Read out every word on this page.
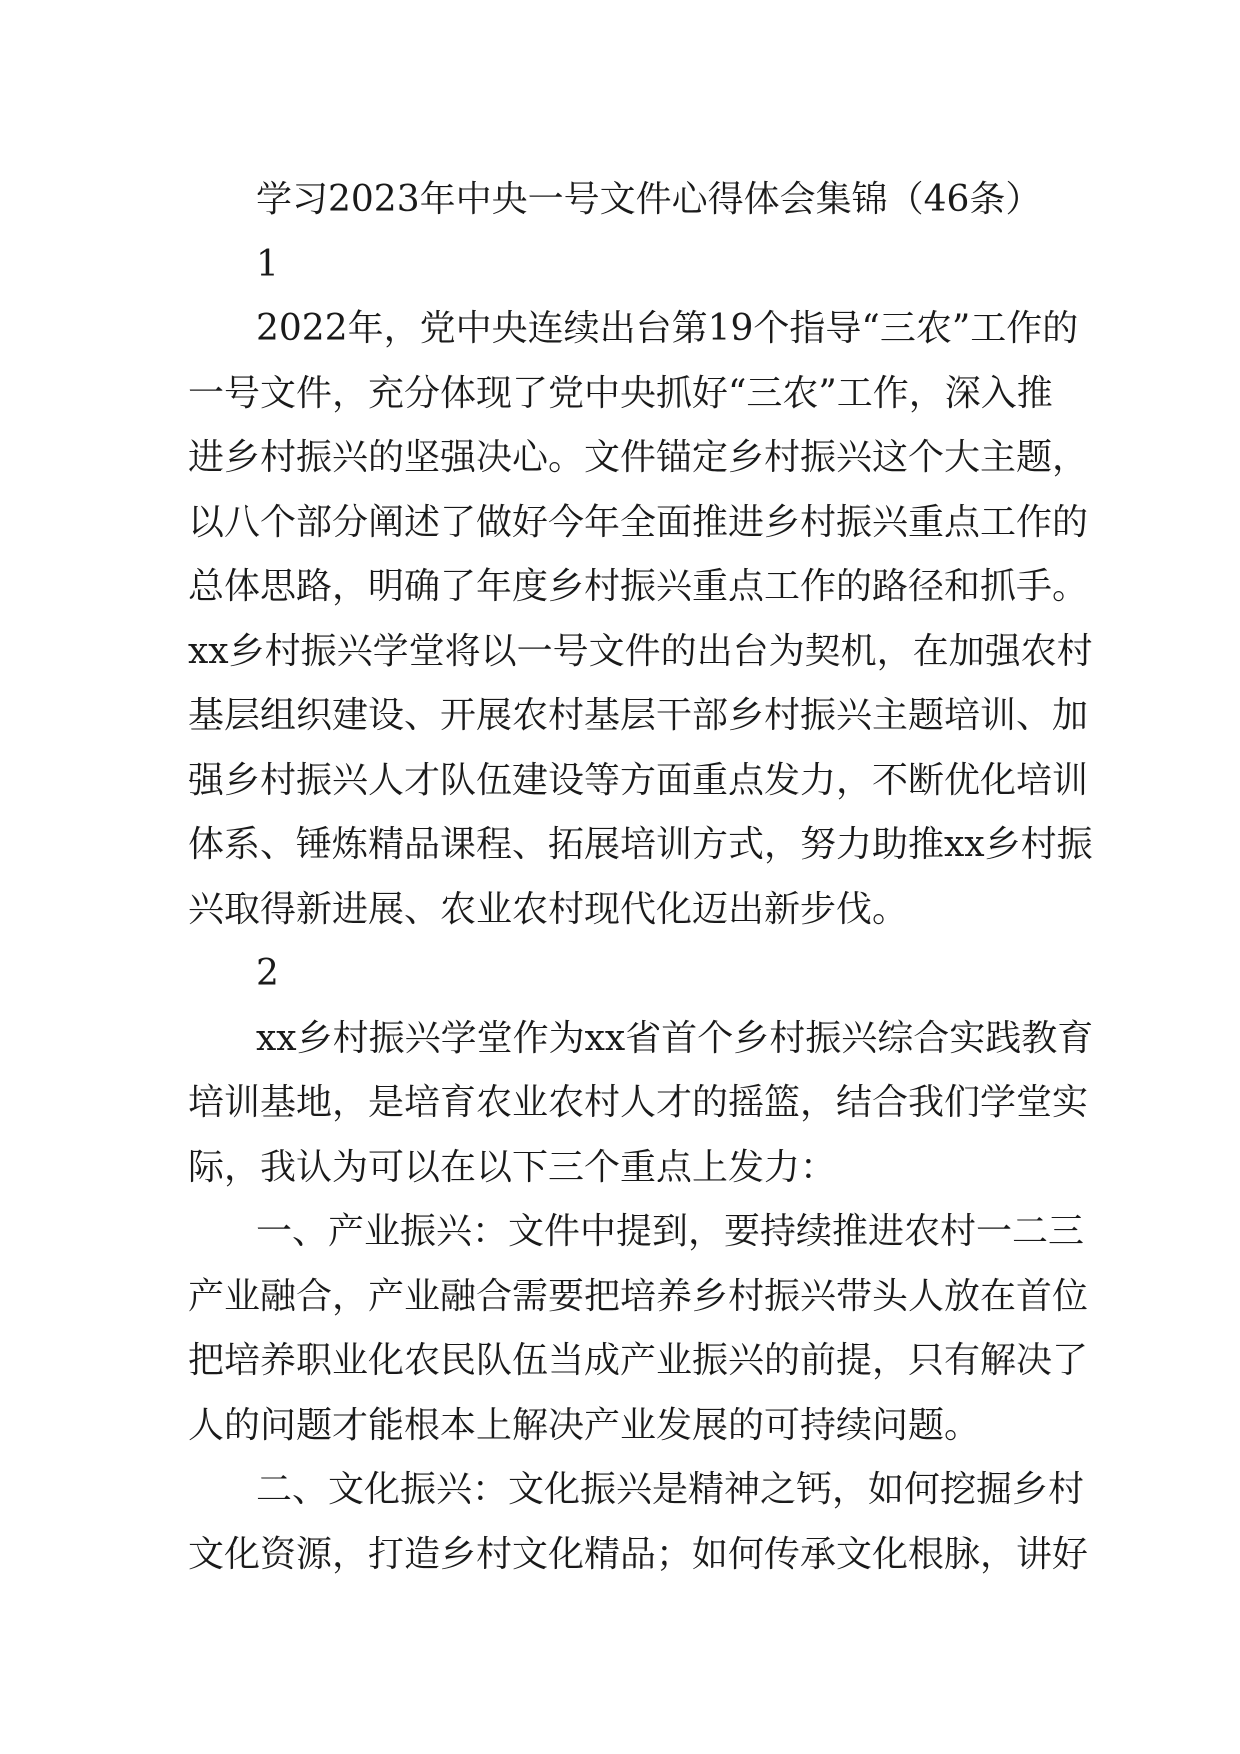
学习2023年中央一号文件心得体会集锦（46条）
1
2022年，党中央连续出台第19个指导“三农”工作的
一号文件，充分体现了党中央抓好“三农”工作，深入推
进乡村振兴的坚强决心。文件锚定乡村振兴这个大主题，
以八个部分阐述了做好今年全面推进乡村振兴重点工作的
总体思路，明确了年度乡村振兴重点工作的路径和抓手。
xx乡村振兴学堂将以一号文件的出台为契机，在加强农村
基层组织建设、开展农村基层干部乡村振兴主题培训、加
强乡村振兴人才队伍建设等方面重点发力，不断优化培训
体系、锤炼精品课程、拓展培训方式，努力助推xx乡村振
兴取得新进展、农业农村现代化迈出新步伐。
2
xx乡村振兴学堂作为xx省首个乡村振兴综合实践教育
培训基地，是培育农业农村人才的摇篮，结合我们学堂实
际，我认为可以在以下三个重点上发力：
一、产业振兴：文件中提到，要持续推进农村一二三
产业融合，产业融合需要把培养乡村振兴带头人放在首位
把培养职业化农民队伍当成产业振兴的前提，只有解决了
人的问题才能根本上解决产业发展的可持续问题。
二、文化振兴：文化振兴是精神之钙，如何挖掘乡村
文化资源，打造乡村文化精品；如何传承文化根脉，讲好
